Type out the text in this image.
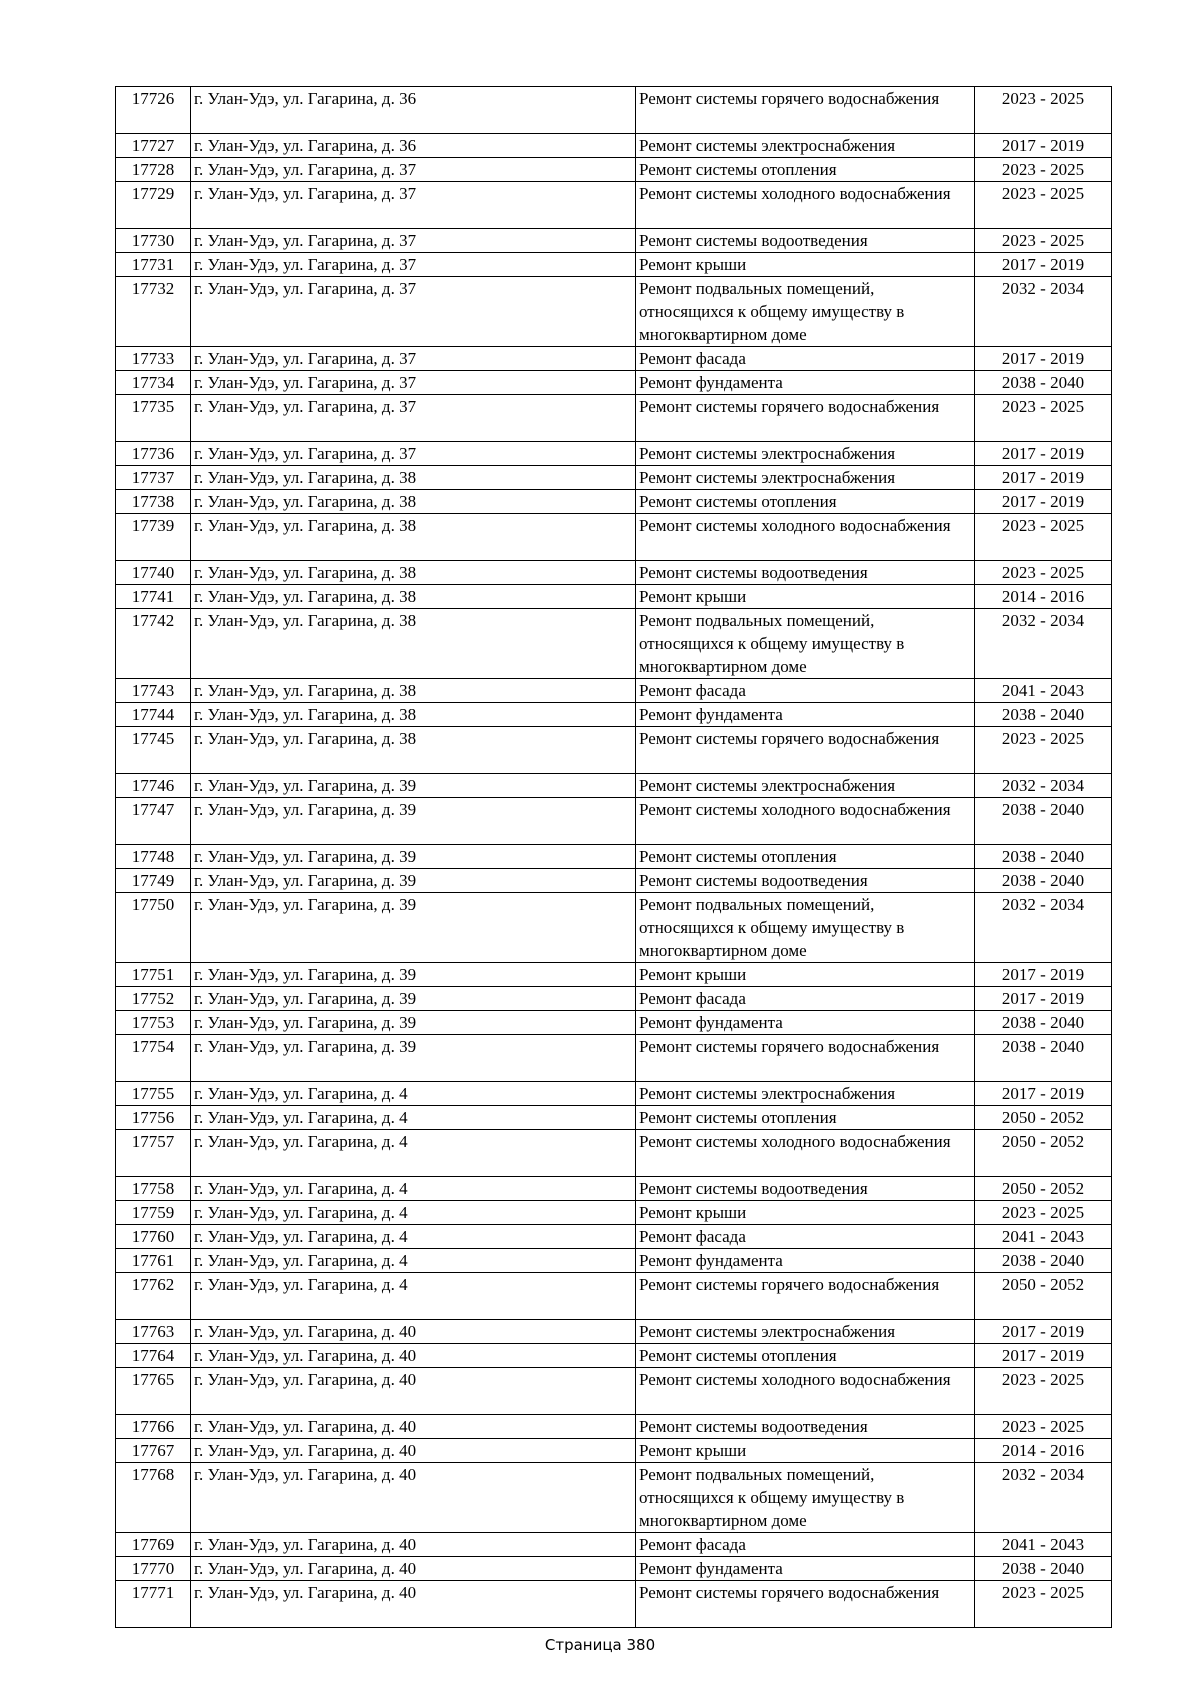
17726	г. Улан-Удэ, ул. Гагарина, д. 36	Ремонт системы горячего водоснабжения	2023 - 2025
17727	г. Улан-Удэ, ул. Гагарина, д. 36	Ремонт системы электроснабжения	2017 - 2019
17728	г. Улан-Удэ, ул. Гагарина, д. 37	Ремонт системы отопления	2023 - 2025
17729	г. Улан-Удэ, ул. Гагарина, д. 37	Ремонт системы холодного водоснабжения	2023 - 2025
17730	г. Улан-Удэ, ул. Гагарина, д. 37	Ремонт системы водоотведения	2023 - 2025
17731	г. Улан-Удэ, ул. Гагарина, д. 37	Ремонт крыши	2017 - 2019
17732	г. Улан-Удэ, ул. Гагарина, д. 37	Ремонт подвальных помещений, относящихся к общему имуществу в многоквартирном доме	2032 - 2034
17733	г. Улан-Удэ, ул. Гагарина, д. 37	Ремонт фасада	2017 - 2019
17734	г. Улан-Удэ, ул. Гагарина, д. 37	Ремонт фундамента	2038 - 2040
17735	г. Улан-Удэ, ул. Гагарина, д. 37	Ремонт системы горячего водоснабжения	2023 - 2025
17736	г. Улан-Удэ, ул. Гагарина, д. 37	Ремонт системы электроснабжения	2017 - 2019
17737	г. Улан-Удэ, ул. Гагарина, д. 38	Ремонт системы электроснабжения	2017 - 2019
17738	г. Улан-Удэ, ул. Гагарина, д. 38	Ремонт системы отопления	2017 - 2019
17739	г. Улан-Удэ, ул. Гагарина, д. 38	Ремонт системы холодного водоснабжения	2023 - 2025
17740	г. Улан-Удэ, ул. Гагарина, д. 38	Ремонт системы водоотведения	2023 - 2025
17741	г. Улан-Удэ, ул. Гагарина, д. 38	Ремонт крыши	2014 - 2016
17742	г. Улан-Удэ, ул. Гагарина, д. 38	Ремонт подвальных помещений, относящихся к общему имуществу в многоквартирном доме	2032 - 2034
17743	г. Улан-Удэ, ул. Гагарина, д. 38	Ремонт фасада	2041 - 2043
17744	г. Улан-Удэ, ул. Гагарина, д. 38	Ремонт фундамента	2038 - 2040
17745	г. Улан-Удэ, ул. Гагарина, д. 38	Ремонт системы горячего водоснабжения	2023 - 2025
17746	г. Улан-Удэ, ул. Гагарина, д. 39	Ремонт системы электроснабжения	2032 - 2034
17747	г. Улан-Удэ, ул. Гагарина, д. 39	Ремонт системы холодного водоснабжения	2038 - 2040
17748	г. Улан-Удэ, ул. Гагарина, д. 39	Ремонт системы отопления	2038 - 2040
17749	г. Улан-Удэ, ул. Гагарина, д. 39	Ремонт системы водоотведения	2038 - 2040
17750	г. Улан-Удэ, ул. Гагарина, д. 39	Ремонт подвальных помещений, относящихся к общему имуществу в многоквартирном доме	2032 - 2034
17751	г. Улан-Удэ, ул. Гагарина, д. 39	Ремонт крыши	2017 - 2019
17752	г. Улан-Удэ, ул. Гагарина, д. 39	Ремонт фасада	2017 - 2019
17753	г. Улан-Удэ, ул. Гагарина, д. 39	Ремонт фундамента	2038 - 2040
17754	г. Улан-Удэ, ул. Гагарина, д. 39	Ремонт системы горячего водоснабжения	2038 - 2040
17755	г. Улан-Удэ, ул. Гагарина, д. 4	Ремонт системы электроснабжения	2017 - 2019
17756	г. Улан-Удэ, ул. Гагарина, д. 4	Ремонт системы отопления	2050 - 2052
17757	г. Улан-Удэ, ул. Гагарина, д. 4	Ремонт системы холодного водоснабжения	2050 - 2052
17758	г. Улан-Удэ, ул. Гагарина, д. 4	Ремонт системы водоотведения	2050 - 2052
17759	г. Улан-Удэ, ул. Гагарина, д. 4	Ремонт крыши	2023 - 2025
17760	г. Улан-Удэ, ул. Гагарина, д. 4	Ремонт фасада	2041 - 2043
17761	г. Улан-Удэ, ул. Гагарина, д. 4	Ремонт фундамента	2038 - 2040
17762	г. Улан-Удэ, ул. Гагарина, д. 4	Ремонт системы горячего водоснабжения	2050 - 2052
17763	г. Улан-Удэ, ул. Гагарина, д. 40	Ремонт системы электроснабжения	2017 - 2019
17764	г. Улан-Удэ, ул. Гагарина, д. 40	Ремонт системы отопления	2017 - 2019
17765	г. Улан-Удэ, ул. Гагарина, д. 40	Ремонт системы холодного водоснабжения	2023 - 2025
17766	г. Улан-Удэ, ул. Гагарина, д. 40	Ремонт системы водоотведения	2023 - 2025
17767	г. Улан-Удэ, ул. Гагарина, д. 40	Ремонт крыши	2014 - 2016
17768	г. Улан-Удэ, ул. Гагарина, д. 40	Ремонт подвальных помещений, относящихся к общему имуществу в многоквартирном доме	2032 - 2034
17769	г. Улан-Удэ, ул. Гагарина, д. 40	Ремонт фасада	2041 - 2043
17770	г. Улан-Удэ, ул. Гагарина, д. 40	Ремонт фундамента	2038 - 2040
17771	г. Улан-Удэ, ул. Гагарина, д. 40	Ремонт системы горячего водоснабжения	2023 - 2025
Страница 380
